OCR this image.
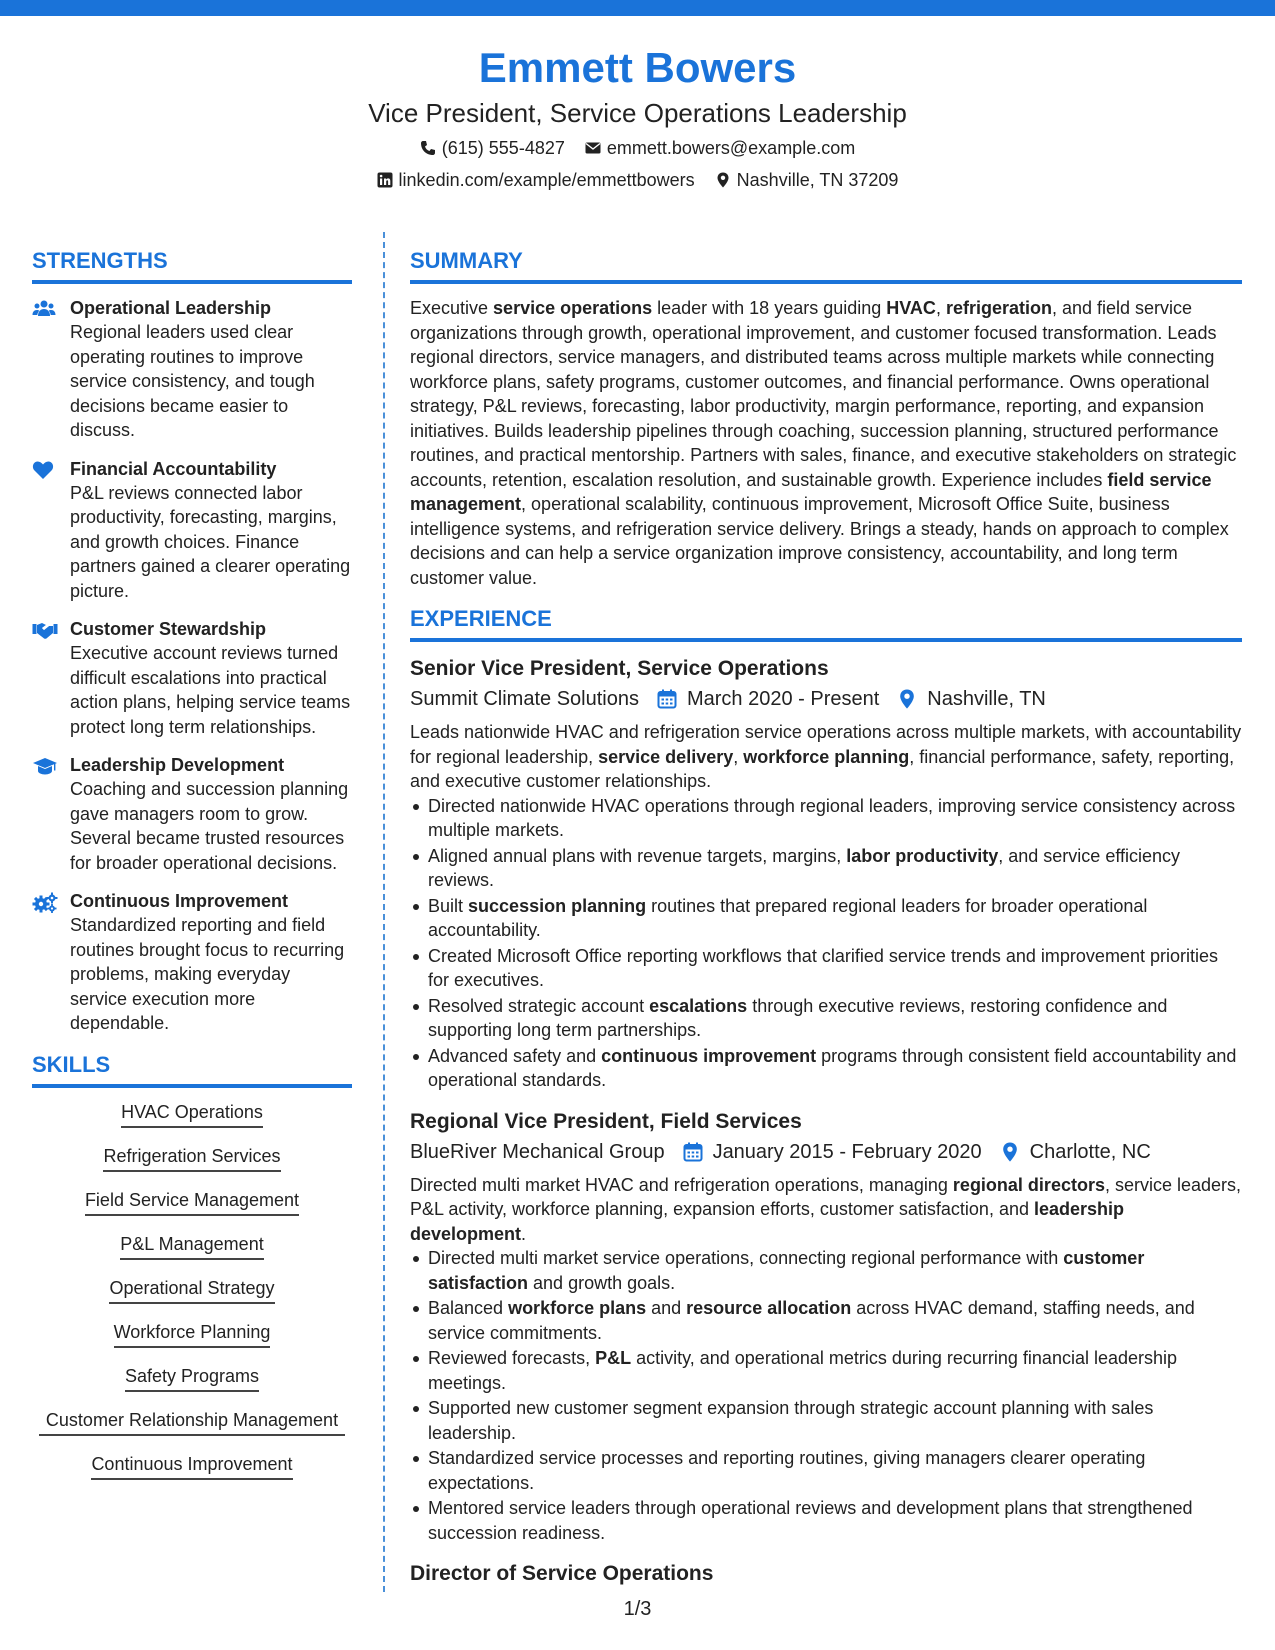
Emmett Bowers
Vice President, Service Operations Leadership
(615) 555-4827 emmett.bowers@example.com
linkedin.com/example/emmettbowers Nashville, TN 37209
STRENGTHS
Operational Leadership
Regional leaders used clear operating routines to improve service consistency, and tough decisions became easier to discuss.
Financial Accountability
P&L reviews connected labor productivity, forecasting, margins, and growth choices. Finance partners gained a clearer operating picture.
Customer Stewardship
Executive account reviews turned difficult escalations into practical action plans, helping service teams protect long term relationships.
Leadership Development
Coaching and succession planning gave managers room to grow. Several became trusted resources for broader operational decisions.
Continuous Improvement
Standardized reporting and field routines brought focus to recurring problems, making everyday service execution more dependable.
SKILLS
HVAC Operations
Refrigeration Services
Field Service Management
P&L Management
Operational Strategy
Workforce Planning
Safety Programs
Customer Relationship Management
Continuous Improvement
SUMMARY
Executive service operations leader with 18 years guiding HVAC, refrigeration, and field service organizations through growth, operational improvement, and customer focused transformation. Leads regional directors, service managers, and distributed teams across multiple markets while connecting workforce plans, safety programs, customer outcomes, and financial performance. Owns operational strategy, P&L reviews, forecasting, labor productivity, margin performance, reporting, and expansion initiatives. Builds leadership pipelines through coaching, succession planning, structured performance routines, and practical mentorship. Partners with sales, finance, and executive stakeholders on strategic accounts, retention, escalation resolution, and sustainable growth. Experience includes field service management, operational scalability, continuous improvement, Microsoft Office Suite, business intelligence systems, and refrigeration service delivery. Brings a steady, hands on approach to complex decisions and can help a service organization improve consistency, accountability, and long term customer value.
EXPERIENCE
Senior Vice President, Service Operations
Summit Climate Solutions March 2020 - Present Nashville, TN
Leads nationwide HVAC and refrigeration service operations across multiple markets, with accountability for regional leadership, service delivery, workforce planning, financial performance, safety, reporting, and executive customer relationships.
Directed nationwide HVAC operations through regional leaders, improving service consistency across multiple markets.
Aligned annual plans with revenue targets, margins, labor productivity, and service efficiency reviews.
Built succession planning routines that prepared regional leaders for broader operational accountability.
Created Microsoft Office reporting workflows that clarified service trends and improvement priorities for executives.
Resolved strategic account escalations through executive reviews, restoring confidence and supporting long term partnerships.
Advanced safety and continuous improvement programs through consistent field accountability and operational standards.
Regional Vice President, Field Services
BlueRiver Mechanical Group January 2015 - February 2020 Charlotte, NC
Directed multi market HVAC and refrigeration operations, managing regional directors, service leaders, P&L activity, workforce planning, expansion efforts, customer satisfaction, and leadership development.
Directed multi market service operations, connecting regional performance with customer satisfaction and growth goals.
Balanced workforce plans and resource allocation across HVAC demand, staffing needs, and service commitments.
Reviewed forecasts, P&L activity, and operational metrics during recurring financial leadership meetings.
Supported new customer segment expansion through strategic account planning with sales leadership.
Standardized service processes and reporting routines, giving managers clearer operating expectations.
Mentored service leaders through operational reviews and development plans that strengthened succession readiness.
Director of Service Operations
1/3
